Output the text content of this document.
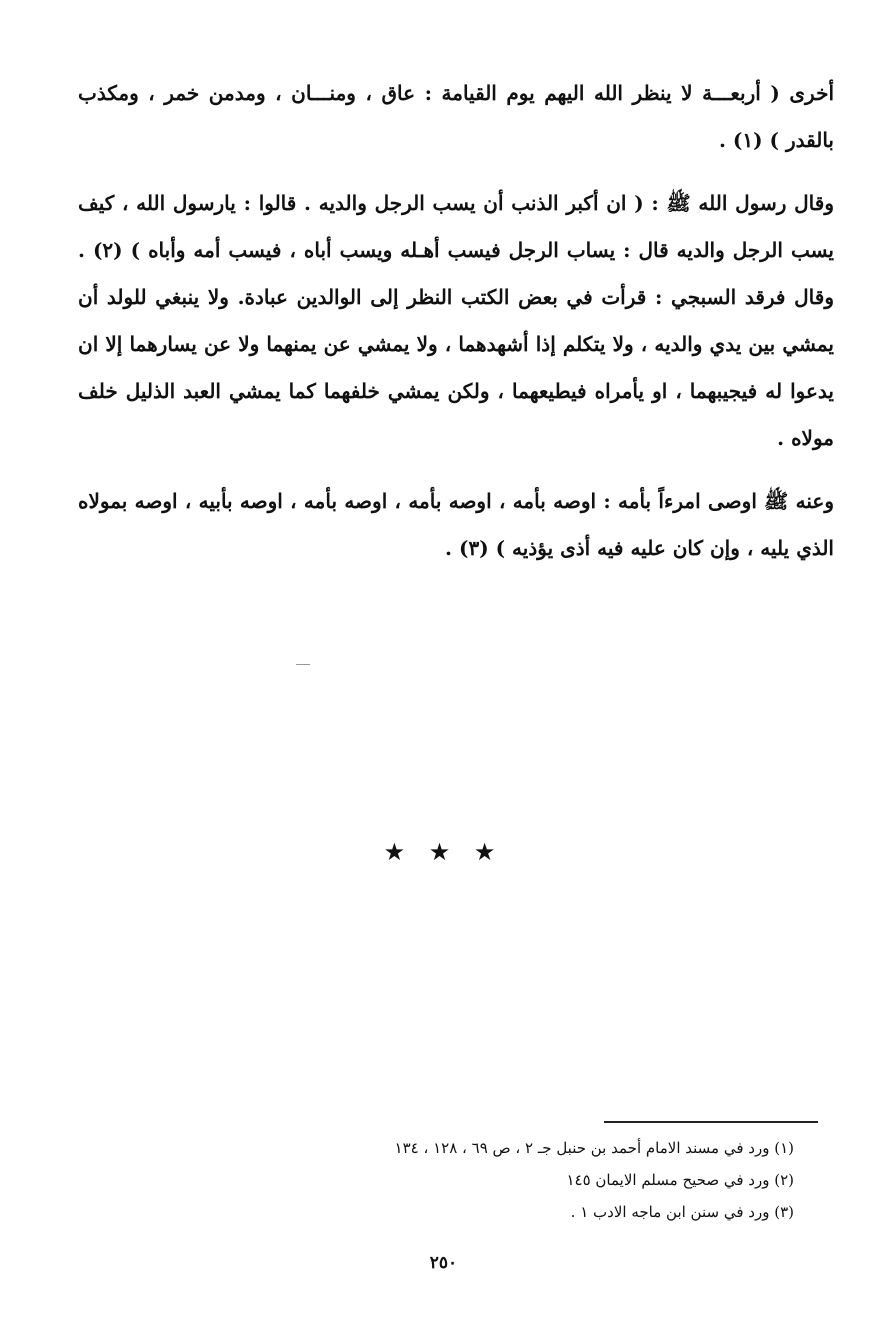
أخرى ( أربعـــة لا ينظر الله اليهم يوم القيامة : عاق ، ومنـــان ، ومدمن خمر ، ومكذب بالقدر ) (١) .

وقال رسول الله ﷺ : ( ان أكبر الذنب أن يسب الرجل والديه . قالوا : يارسول الله ، كيف يسب الرجل والديه قال : يساب الرجل فيسب أهـله ويسب أباه ، فيسب أمه وأباه ) (٢) . وقال فرقد السبجي : قرأت في بعض الكتب النظر إلى الوالدين عبادة. ولا ينبغي للولد أن يمشي بين يدي والديه ، ولا يتكلم إذا أشهدهما ، ولا يمشي عن يمنهما ولا عن يسارهما إلا ان يدعوا له فيجيبهما ، او يأمراه فيطيعهما ، ولكن يمشي خلفهما كما يمشي العبد الذليل خلف مولاه .

وعنه ﷺ اوصى امرءاً بأمه : اوصه بأمه ، اوصه بأمه ، اوصه بأمه ، اوصه بأبيه ، اوصه بمولاه الذي يليه ، وإن كان عليه فيه أذى يؤذيه ) (٣) .

★ ★ ★

(١) ورد في مسند الامام أحمد بن حنبل جـ ٢ ، ص ٦٩ ، ١٢٨ ، ١٣٤

(٢) ورد في صحيح مسلم الايمان ١٤٥

(٣) ورد في سنن ابن ماجه الادب ١ .

٢٥٠
